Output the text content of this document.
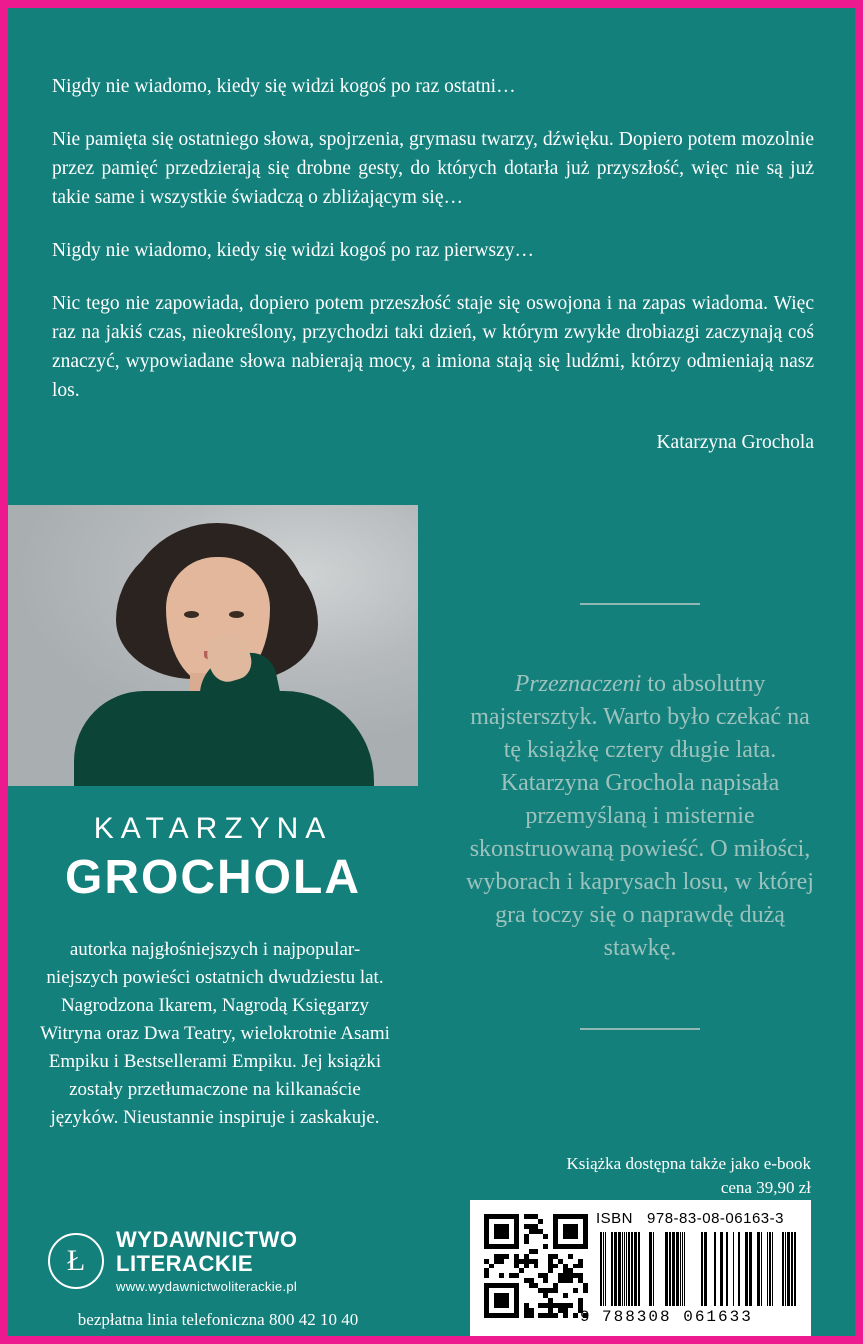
Nigdy nie wiadomo, kiedy się widzi kogoś po raz ostatni…

Nie pamięta się ostatniego słowa, spojrzenia, grymasu twarzy, dźwięku. Dopiero potem mozolnie przez pamięć przedzierają się drobne gesty, do których dotarła już przyszłość, więc nie są już takie same i wszystkie świadczą o zbliżającym się…

Nigdy nie wiadomo, kiedy się widzi kogoś po raz pierwszy…

Nic tego nie zapowiada, dopiero potem przeszłość staje się oswojona i na zapas wiadoma. Więc raz na jakiś czas, nieokreślony, przychodzi taki dzień, w którym zwykłe drobiazgi zaczynają coś znaczyć, wypowiadane słowa nabierają mocy, a imiona stają się ludźmi, którzy odmieniają nasz los.

Katarzyna Grochola
KATARZYNA
GROCHOLA
autorka najgłośniejszych i najpopular-niejszych powieści ostatnich dwudziestu lat. Nagrodzona Ikarem, Nagrodą Księgarzy Witryna oraz Dwa Teatry, wielokrotnie Asami Empiku i Bestsellerami Empiku. Jej książki zostały przetłumaczone na kilkanaście języków. Nieustannie inspiruje i zaskakuje.
Ł
WYDAWNICTWO LITERACKIE
www.wydawnictwoliterackie.pl
bezpłatna linia telefoniczna 800 42 10 40
Przeznaczeni to absolutny majstersztyk. Warto było czekać na tę książkę cztery długie lata. Katarzyna Grochola napisała przemyślaną i misternie skonstruowaną powieść. O miłości, wyborach i kaprysach losu, w której gra toczy się o naprawdę dużą stawkę.
Książka dostępna także jako e-book
cena 39,90 zł
ISBN 978-83-08-06163-3
9 788308 061633
